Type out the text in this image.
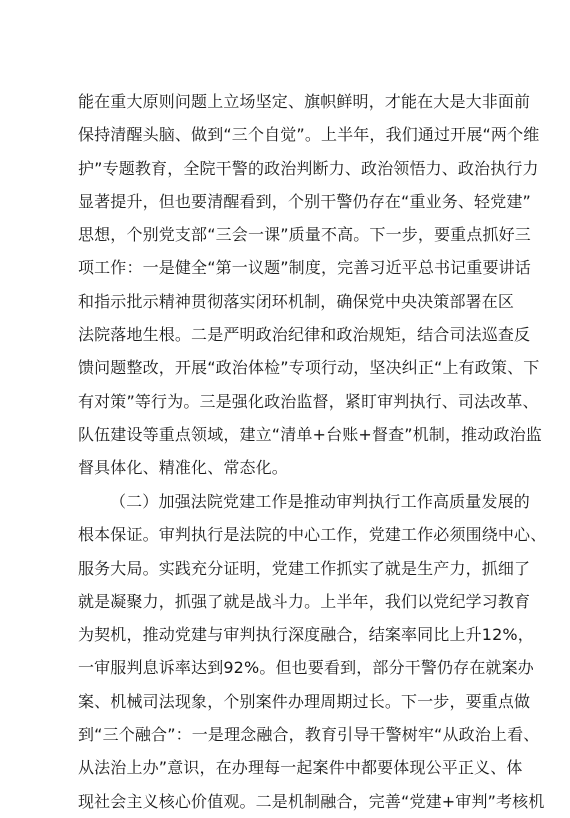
能在重大原则问题上立场坚定、旗帜鲜明，才能在大是大非面前
保持清醒头脑、做到“三个自觉”。上半年，我们通过开展“两个维
护”专题教育，全院干警的政治判断力、政治领悟力、政治执行力
显著提升，但也要清醒看到，个别干警仍存在“重业务、轻党建”
思想，个别党支部“三会一课”质量不高。下一步，要重点抓好三
项工作：一是健全“第一议题”制度，完善习近平总书记重要讲话
和指示批示精神贯彻落实闭环机制，确保党中央决策部署在区
法院落地生根。二是严明政治纪律和政治规矩，结合司法巡查反
馈问题整改，开展“政治体检”专项行动，坚决纠正“上有政策、下
有对策”等行为。三是强化政治监督，紧盯审判执行、司法改革、
队伍建设等重点领域，建立“清单+台账+督查”机制，推动政治监
督具体化、精准化、常态化。
（二）加强法院党建工作是推动审判执行工作高质量发展的
根本保证。审判执行是法院的中心工作，党建工作必须围绕中心、
服务大局。实践充分证明，党建工作抓实了就是生产力，抓细了
就是凝聚力，抓强了就是战斗力。上半年，我们以党纪学习教育
为契机，推动党建与审判执行深度融合，结案率同比上升12%，
一审服判息诉率达到92%。但也要看到，部分干警仍存在就案办
案、机械司法现象，个别案件办理周期过长。下一步，要重点做
到“三个融合”：一是理念融合，教育引导干警树牢“从政治上看、
从法治上办”意识，在办理每一起案件中都要体现公平正义、体
现社会主义核心价值观。二是机制融合，完善“党建+审判”考核机
